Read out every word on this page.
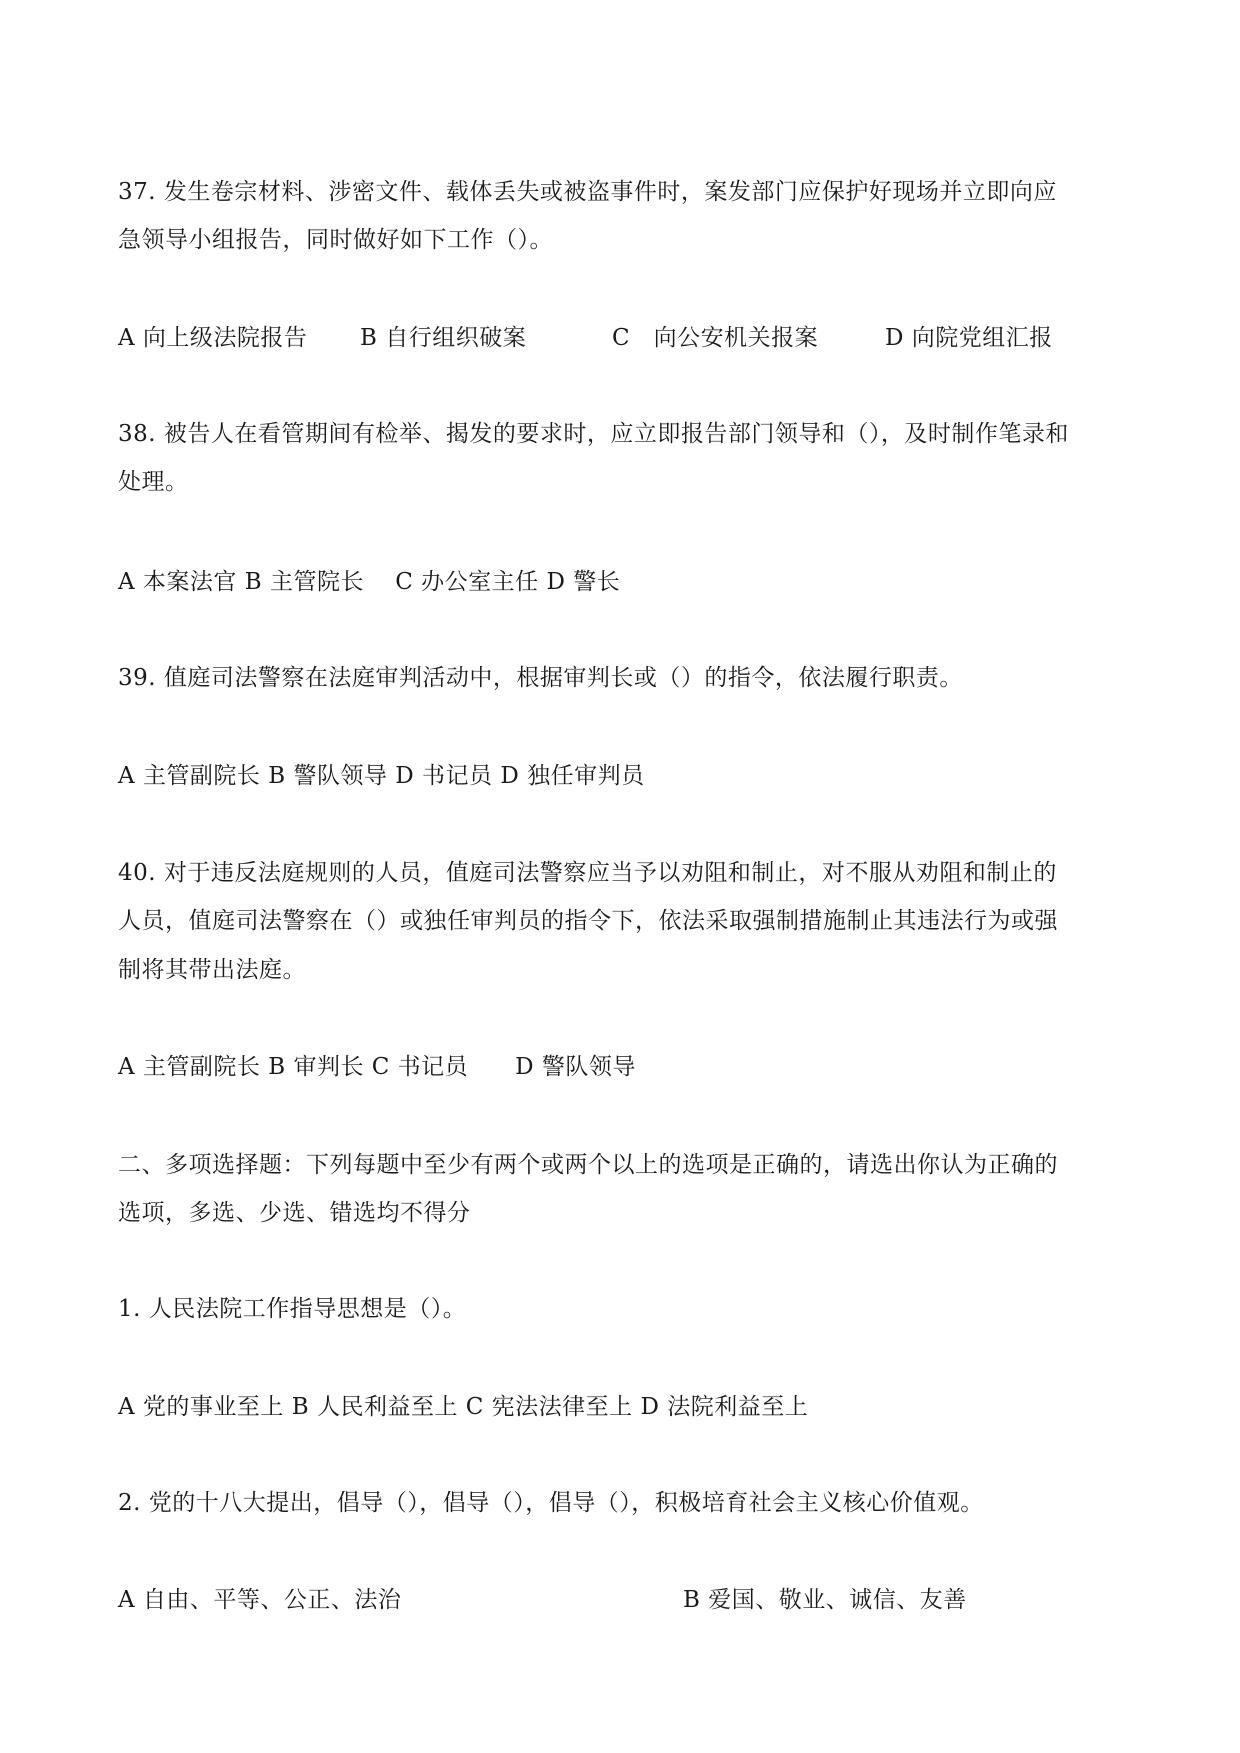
37. 发生卷宗材料、涉密文件、载体丢失或被盗事件时，案发部门应保护好现场并立即向应
急领导小组报告，同时做好如下工作（）。
A 向上级法院报告 B 自行组织破案	C　向公安机关报案	D 向院党组汇报
38. 被告人在看管期间有检举、揭发的要求时，应立即报告部门领导和（），及时制作笔录和
处理。
A 本案法官 B 主管院长　 C 办公室主任 D 警长
39. 值庭司法警察在法庭审判活动中，根据审判长或（）的指令，依法履行职责。
A 主管副院长 B 警队领导 D 书记员 D 独任审判员
40. 对于违反法庭规则的人员，值庭司法警察应当予以劝阻和制止，对不服从劝阻和制止的
人员，值庭司法警察在（）或独任审判员的指令下，依法采取强制措施制止其违法行为或强
制将其带出法庭。
A 主管副院长 B 审判长 C 书记员　　D 警队领导
二、多项选择题：下列每题中至少有两个或两个以上的选项是正确的，请选出你认为正确的
选项，多选、少选、错选均不得分
1. 人民法院工作指导思想是（）。
A 党的事业至上 B 人民利益至上 C 宪法法律至上 D 法院利益至上
2. 党的十八大提出，倡导（），倡导（），倡导（），积极培育社会主义核心价值观。
A 自由、平等、公正、法治	B 爱国、敬业、诚信、友善
